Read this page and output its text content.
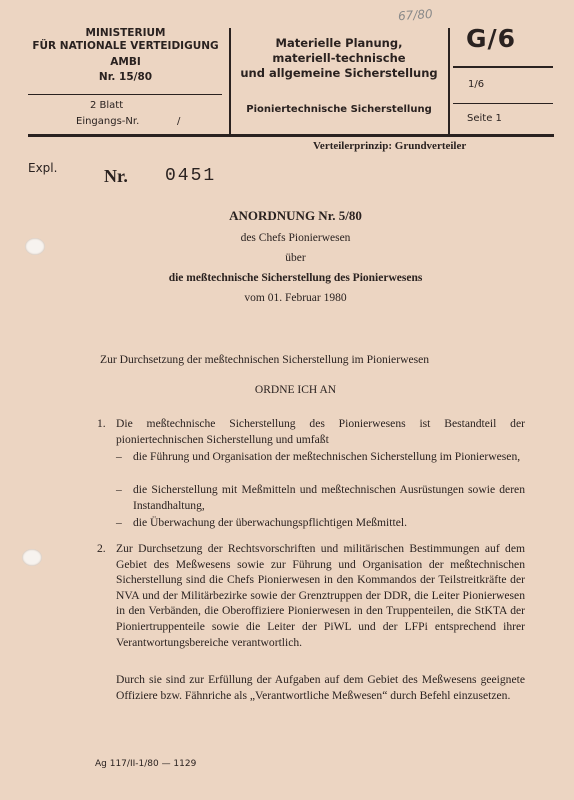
67/80
MINISTERIUM
FÜR NATIONALE VERTEIDIGUNG
AMBI
Nr. 15/80
2 Blatt
Eingangs-Nr.	/
Materielle Planung,
materiell-technische
und allgemeine Sicherstellung
Pioniertechnische Sicherstellung
G/6
1/6
Seite 1
Verteilerprinzip: Grundverteiler
Expl.	Nr. 0451
ANORDNUNG Nr. 5/80
des Chefs Pionierwesen
über
die meßtechnische Sicherstellung des Pionierwesens
vom 01. Februar 1980
Zur Durchsetzung der meßtechnischen Sicherstellung im Pionierwesen
ORDNE ICH AN
1. Die meßtechnische Sicherstellung des Pionierwesens ist Bestandteil der pioniertechnischen Sicherstellung und umfaßt
– die Führung und Organisation der meßtechnischen Sicherstellung im Pionierwesen,
– die Sicherstellung mit Meßmitteln und meßtechnischen Ausrüstungen sowie deren Instandhaltung,
– die Überwachung der überwachungspflichtigen Meßmittel.
2. Zur Durchsetzung der Rechtsvorschriften und militärischen Bestimmungen auf dem Gebiet des Meßwesens sowie zur Führung und Organisation der meßtechnischen Sicherstellung sind die Chefs Pionierwesen in den Kommandos der Teilstreitkräfte der NVA und der Militärbezirke sowie der Grenztruppen der DDR, die Leiter Pionierwesen in den Verbänden, die Oberoffiziere Pionierwesen in den Truppenteilen, die StKTA der Pioniertruppenteile sowie die Leiter der PiWL und der LFPi entsprechend ihrer Verantwortungsbereiche verantwortlich.
Durch sie sind zur Erfüllung der Aufgaben auf dem Gebiet des Meßwesens geeignete Offiziere bzw. Fähnriche als „Verantwortliche Meßwesen“ durch Befehl einzusetzen.
Ag 117/II-1/80 — 1129
